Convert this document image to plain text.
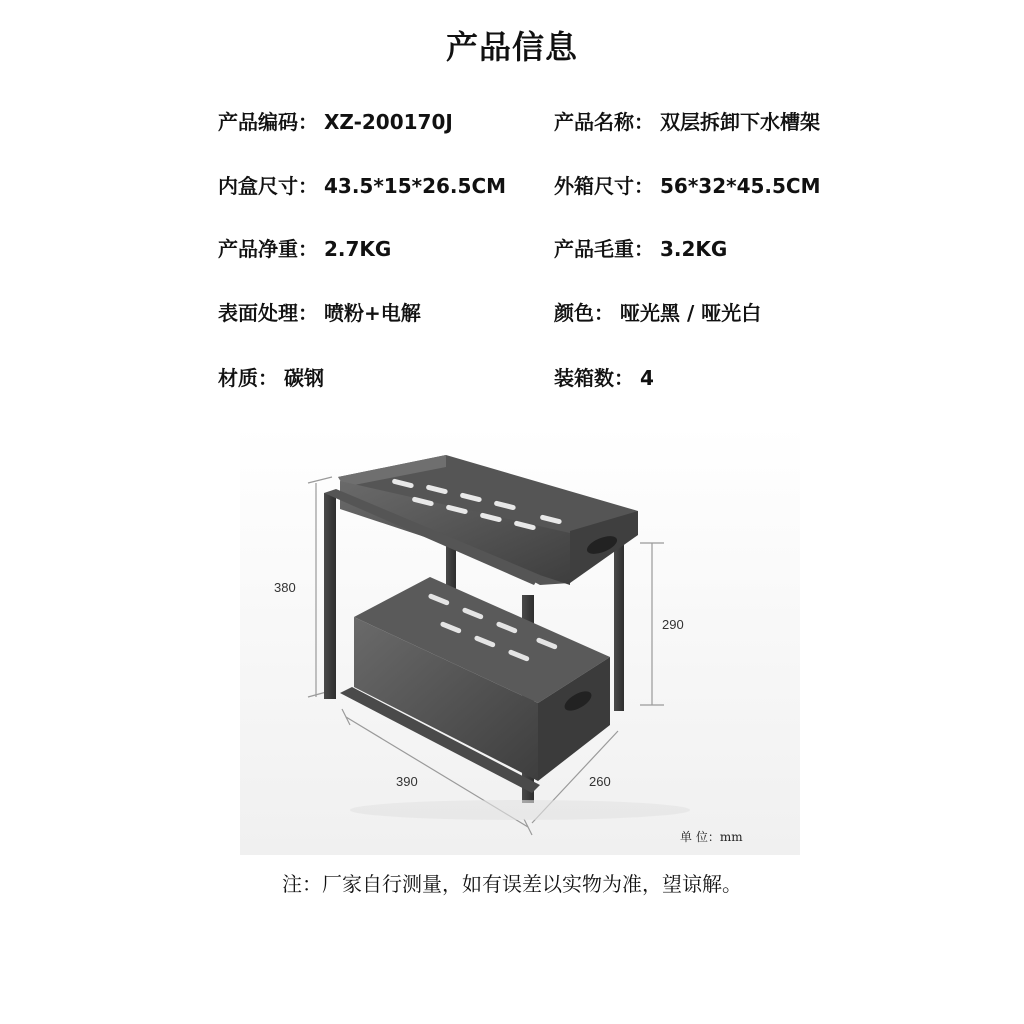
产品信息
产品编码： XZ-200170J	产品名称： 双层拆卸下水槽架
内盒尺寸： 43.5*15*26.5CM 外箱尺寸： 56*32*45.5CM
产品净重： 2.7KG	产品毛重： 3.2KG
表面处理： 喷粉+电解	颜色： 哑光黑 / 哑光白
材质： 碳钢	装箱数： 4
380
290
390	260
单 位：mm
注：厂家自行测量，如有误差以实物为准，望谅解。
